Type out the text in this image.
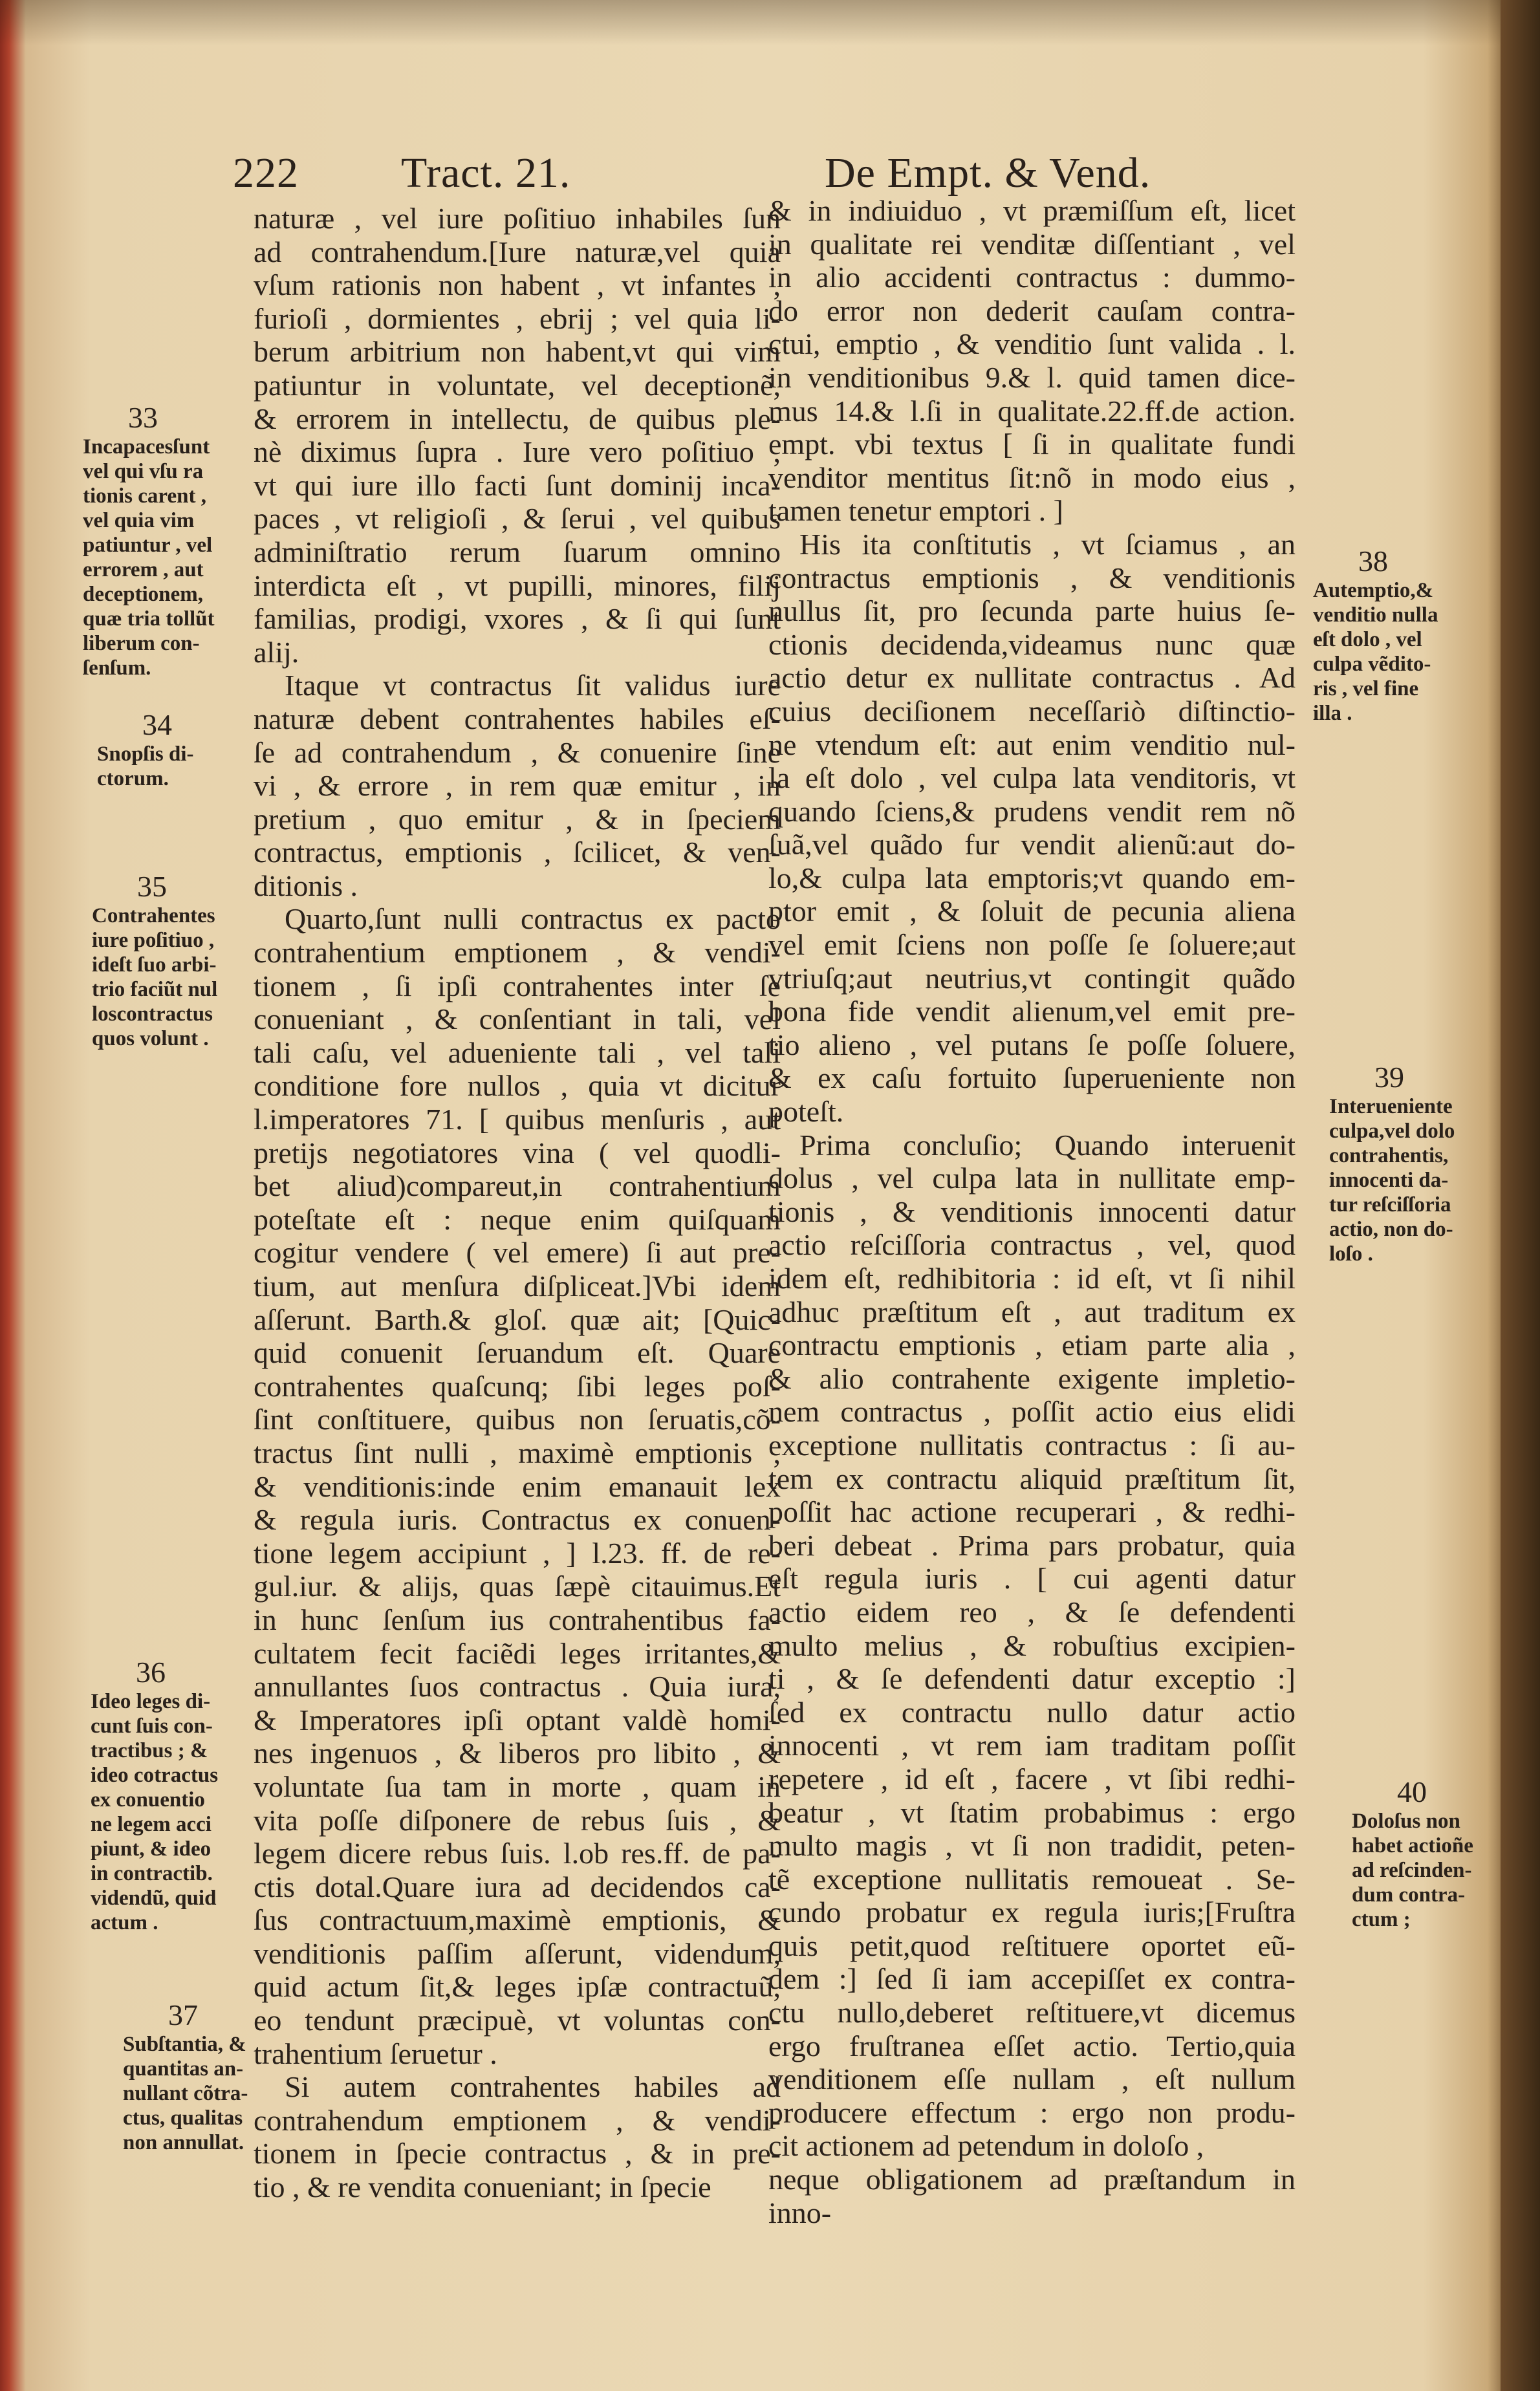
222 Tract. 21.	De Empt. & Vend.
naturæ , vel iure poſitiuo inhabiles ſun
ad contrahendum.[Iure naturæ,vel quia
vſum rationis non habent , vt infantes ,
furioſi , dormientes , ebrij ; vel quia li-
berum arbitrium non habent,vt qui vim
patiuntur in voluntate, vel deceptionẽ,
& errorem in intellectu, de quibus ple-
nè diximus ſupra . Iure vero poſitiuo ,
vt qui iure illo facti ſunt dominij inca-
paces , vt religioſi , & ſerui , vel quibus
adminiſtratio rerum ſuarum omnino
interdicta eſt , vt pupilli, minores, filij
familias, prodigi, vxores , & ſi qui ſunt
alij.
Itaque vt contractus ſit validus iure
naturæ debent contrahentes habiles eſ-
ſe ad contrahendum , & conuenire ſine
vi , & errore , in rem quæ emitur , in
pretium , quo emitur , & in ſpeciem
contractus, emptionis , ſcilicet, & ven-
ditionis .
Quarto,ſunt nulli contractus ex pacto
contrahentium emptionem , & vendi-
tionem , ſi ipſi contrahentes inter ſe
conueniant , & conſentiant in tali, vel
tali caſu, vel adueniente tali , vel tali
conditione fore nullos , quia vt dicitur
l.imperatores 71. [ quibus menſuris , aut
pretijs negotiatores vina ( vel quodli-
bet aliud)compareut,in contrahentium
poteſtate eſt : neque enim quiſquam
cogitur vendere ( vel emere) ſi aut pre-
tium, aut menſura diſpliceat.]Vbi idem
aſſerunt. Barth.& gloſ. quæ ait; [Quic-
quid conuenit ſeruandum eſt. Quare
contrahentes quaſcunq; ſibi leges poſ-
ſint conſtituere, quibus non ſeruatis,cõ-
tractus ſint nulli , maximè emptionis ,
& venditionis:inde enim emanauit lex
& regula iuris. Contractus ex conuen-
tione legem accipiunt , ] l.23. ff. de re-
gul.iur. & alijs, quas ſæpè citauimus.Et
in hunc ſenſum ius contrahentibus fa-
cultatem fecit faciẽdi leges irritantes,&
annullantes ſuos contractus . Quia iura,
& Imperatores ipſi optant valdè homi-
nes ingenuos , & liberos pro libito , &
voluntate ſua tam in morte , quam in
vita poſſe diſponere de rebus ſuis , &
legem dicere rebus ſuis. l.ob res.ff. de pa-
ctis dotal.Quare iura ad decidendos ca-
ſus contractuum,maximè emptionis, &
venditionis paſſim aſſerunt, videndum,
quid actum ſit,& leges ipſæ contractuũ,
eo tendunt præcipuè, vt voluntas con-
trahentium ſeruetur .
Si autem contrahentes habiles ad
contrahendum emptionem , & vendi-
tionem in ſpecie contractus , & in pre-
tio , & re vendita conueniant; in ſpecie
& in indiuiduo , vt præmiſſum eſt, licet
in qualitate rei venditæ diſſentiant , vel
in alio accidenti contractus : dummo-
do error non dederit cauſam contra-
ctui, emptio , & venditio ſunt valida . l.
in venditionibus 9.& l. quid tamen dice-
mus 14.& l.ſi in qualitate.22.ff.de action.
empt. vbi textus [ ſi in qualitate fundi
venditor mentitus ſit:nõ in modo eius ,
tamen tenetur emptori . ]
His ita conſtitutis , vt ſciamus , an
contractus emptionis , & venditionis
nullus ſit, pro ſecunda parte huius ſe-
ctionis decidenda,videamus nunc quæ
actio detur ex nullitate contractus . Ad
cuius deciſionem neceſſariò diſtinctio-
ne vtendum eſt: aut enim venditio nul-
la eſt dolo , vel culpa lata venditoris, vt
quando ſciens,& prudens vendit rem nõ
ſuã,vel quãdo fur vendit alienũ:aut do-
lo,& culpa lata emptoris;vt quando em-
ptor emit , & ſoluit de pecunia aliena
vel emit ſciens non poſſe ſe ſoluere;aut
vtriuſq;aut neutrius,vt contingit quãdo
bona fide vendit alienum,vel emit pre-
tio alieno , vel putans ſe poſſe ſoluere,
& ex caſu fortuito ſuperueniente non
poteſt.
Prima concluſio; Quando interuenit
dolus , vel culpa lata in nullitate emp-
tionis , & venditionis innocenti datur
actio reſciſſoria contractus , vel, quod
idem eſt, redhibitoria : id eſt, vt ſi nihil
adhuc præſtitum eſt , aut traditum ex
contractu emptionis , etiam parte alia ,
& alio contrahente exigente impletio-
nem contractus , poſſit actio eius elidi
exceptione nullitatis contractus : ſi au-
tem ex contractu aliquid præſtitum ſit,
poſſit hac actione recuperari , & redhi-
beri debeat . Prima pars probatur, quia
eſt regula iuris . [ cui agenti datur
actio eidem reo , & ſe defendenti
multo melius , & robuſtius excipien-
ti , & ſe defendenti datur exceptio :]
ſed ex contractu nullo datur actio
innocenti , vt rem iam traditam poſſit
repetere , id eſt , facere , vt ſibi redhi-
beatur , vt ſtatim probabimus : ergo
multo magis , vt ſi non tradidit, peten-
tẽ exceptione nullitatis remoueat . Se-
cundo probatur ex regula iuris;[Fruſtra
quis petit,quod reſtituere oportet eũ-
dem :] ſed ſi iam accepiſſet ex contra-
ctu nullo,deberet reſtituere,vt dicemus
ergo fruſtranea eſſet actio. Tertio,quia
venditionem eſſe nullam , eſt nullum
producere effectum : ergo non produ-
cit actionem ad petendum in doloſo ,
neque obligationem ad præſtandum in
inno-
33
Incapacesſunt
vel qui vſu ra
tionis carent ,
vel quia vim
patiuntur , vel
errorem , aut
deceptionem,
quæ tria tollũt
liberum con-
ſenſum.
34
Snopſis di-
ctorum.
35
Contrahentes
iure poſitiuo ,
ideſt ſuo arbi-
trio faciũt nul
loscontractus
quos volunt .
36
Ideo leges di-
cunt ſuis con-
tractibus ; &
ideo cotractus
ex conuentio
ne legem acci
piunt, & ideo
in contractib.
videndũ, quid
actum .
37
Subſtantia, &
quantitas an-
nullant cõtra-
ctus, qualitas
non annullat.
38
Autemptio,&
venditio nulla
eſt dolo , vel
culpa vẽdito-
ris , vel fine
illa .
39
Interueniente
culpa,vel dolo
contrahentis,
innocenti da-
tur reſciſſoria
actio, non do-
loſo .
40
Doloſus non
habet actioñe
ad reſcinden-
dum contra-
ctum ;
